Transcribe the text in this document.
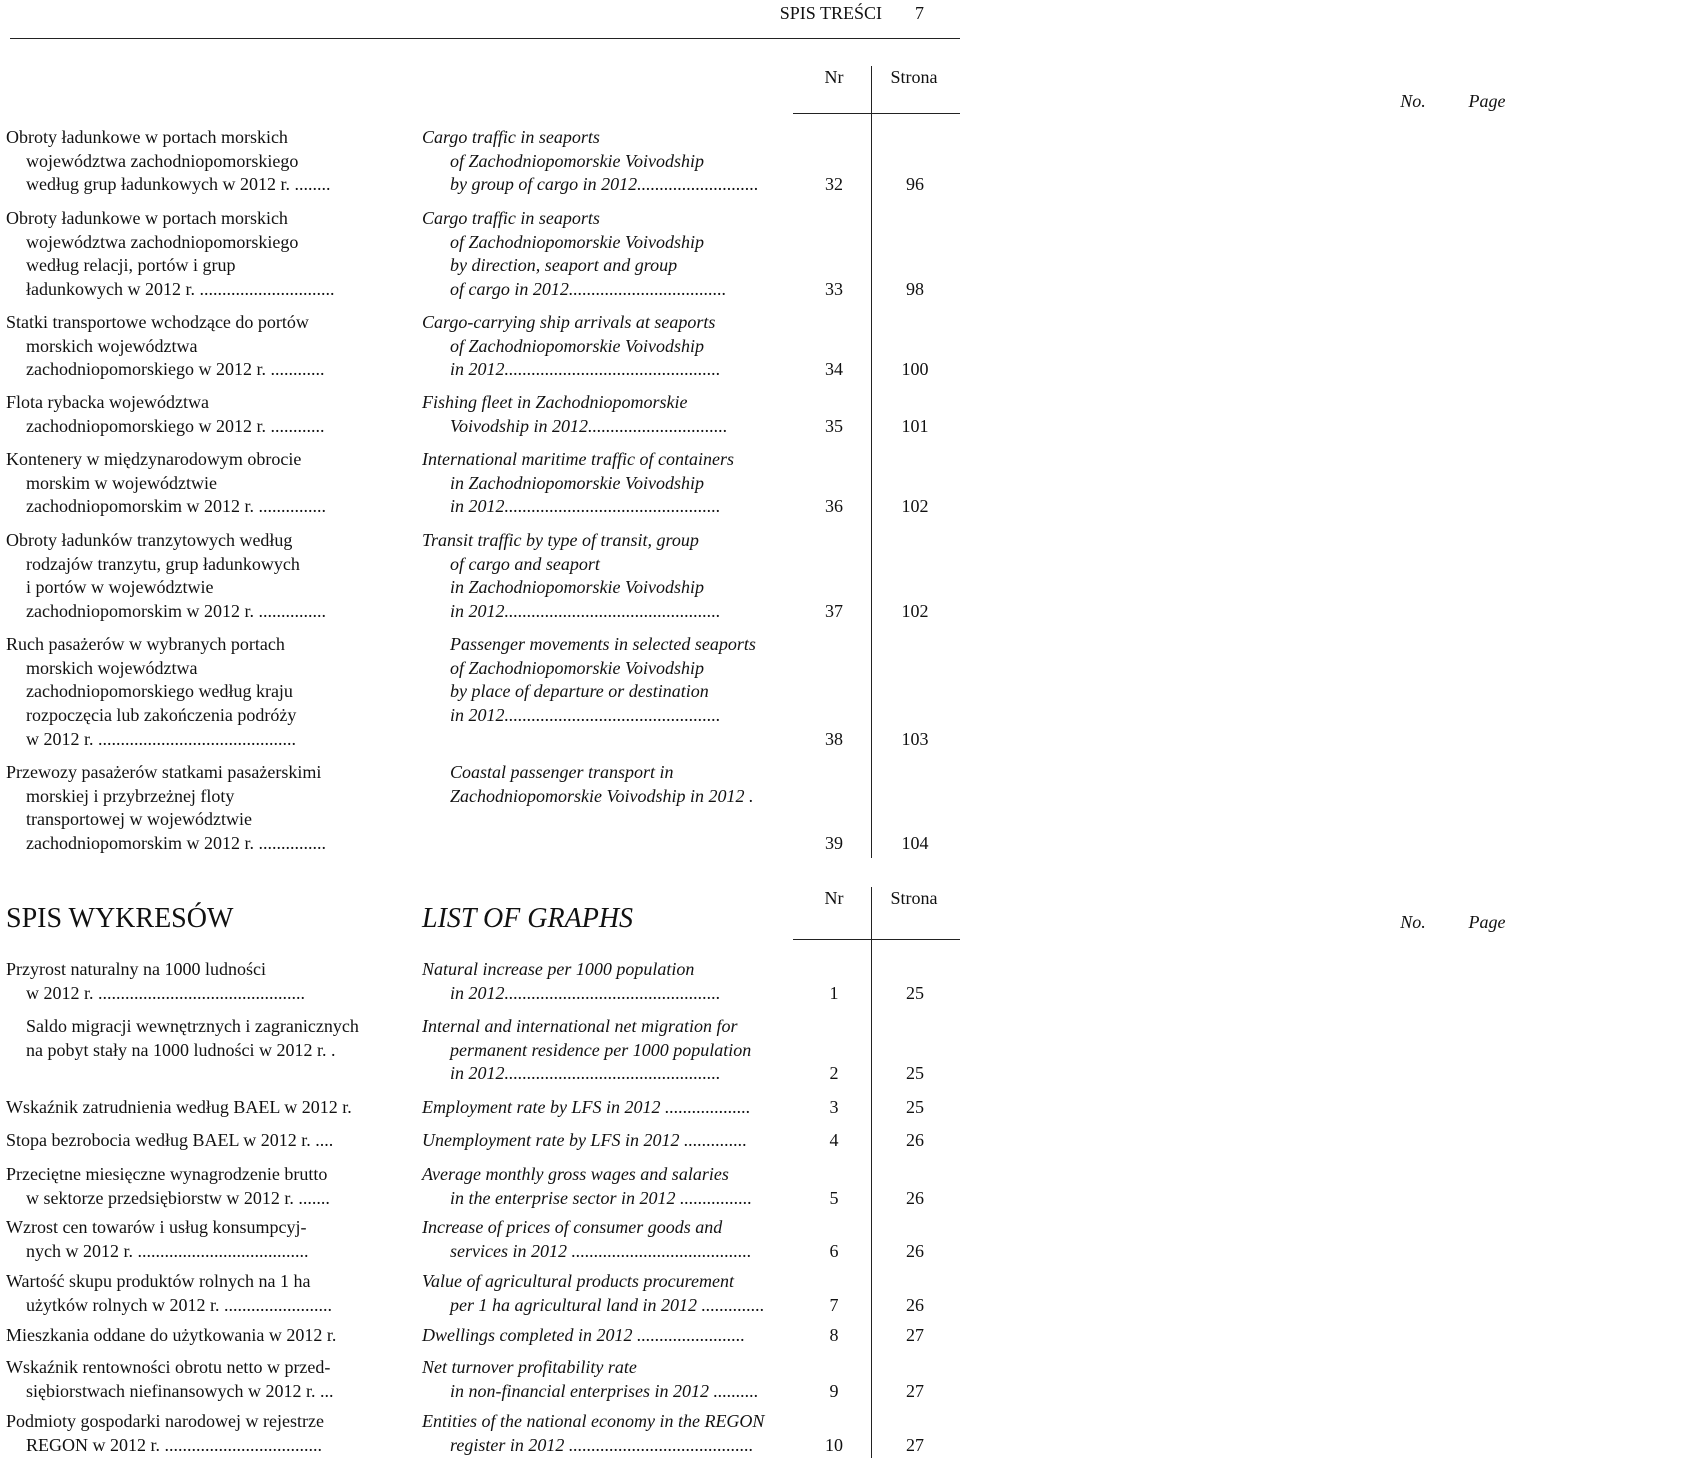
SPIS TREŚCI 7
Nr
No.
Strona
Page
Obroty ładunkowe w portach morskich
województwa zachodniopomorskiego
według grup ładunkowych w 2012 r. ........
Cargo traffic in seaports
of Zachodniopomorskie Voivodship
by group of cargo in 2012...........................	32	96
Obroty ładunkowe w portach morskich
województwa zachodniopomorskiego
według relacji, portów i grup
ładunkowych w 2012 r. ..............................
Cargo traffic in seaports
of Zachodniopomorskie Voivodship
by direction, seaport and group
of cargo in 2012...................................	33	98
Statki transportowe wchodzące do portów
morskich województwa
zachodniopomorskiego w 2012 r. ............
Cargo-carrying ship arrivals at seaports
of Zachodniopomorskie Voivodship
in 2012................................................	34	100
Flota rybacka województwa
zachodniopomorskiego w 2012 r. ............
Fishing fleet in Zachodniopomorskie
Voivodship in 2012...............................	35	101
Kontenery w międzynarodowym obrocie
morskim w województwie
zachodniopomorskim w 2012 r. ...............
International maritime traffic of containers
in Zachodniopomorskie Voivodship
in 2012................................................	36	102
Obroty ładunków tranzytowych według
rodzajów tranzytu, grup ładunkowych
i portów w województwie
zachodniopomorskim w 2012 r. ...............
Transit traffic by type of transit, group
of cargo and seaport
in Zachodniopomorskie Voivodship
in 2012................................................	37	102
Ruch pasażerów w wybranych portach
morskich województwa
zachodniopomorskiego według kraju
rozpoczęcia lub zakończenia podróży
w 2012 r. ............................................
Passenger movements in selected seaports
of Zachodniopomorskie Voivodship
by place of departure or destination
in 2012................................................
38	103
Przewozy pasażerów statkami pasażerskimi
morskiej i przybrzeżnej floty
transportowej w województwie
zachodniopomorskim w 2012 r. ...............
Coastal passenger transport in
Zachodniopomorskie Voivodship in 2012 .
39	104
SPIS WYKRESÓW	LIST OF GRAPHS
Nr
No.
Strona
Page
Przyrost naturalny na 1000 ludności
w 2012 r. ..............................................
Natural increase per 1000 population
in 2012................................................	1	25
Saldo migracji wewnętrznych i zagranicznych
na pobyt stały na 1000 ludności w 2012 r. .
Internal and international net migration for
permanent residence per 1000 population
in 2012................................................	2	25
Wskaźnik zatrudnienia według BAEL w 2012 r.	Employment rate by LFS in 2012 ...................	3	25
Stopa bezrobocia według BAEL w 2012 r. ....	Unemployment rate by LFS in 2012 ..............	4	26
Przeciętne miesięczne wynagrodzenie brutto
w sektorze przedsiębiorstw w 2012 r. .......
Average monthly gross wages and salaries
in the enterprise sector in 2012 ................	5	26
Wzrost cen towarów i usług konsumpcyj-
nych w 2012 r. ......................................
Increase of prices of consumer goods and
services in 2012 ........................................	6	26
Wartość skupu produktów rolnych na 1 ha
użytków rolnych w 2012 r. ........................
Value of agricultural products procurement
per 1 ha agricultural land in 2012 ..............	7	26
Mieszkania oddane do użytkowania w 2012 r.	Dwellings completed in 2012 ........................	8	27
Wskaźnik rentowności obrotu netto w przed-
siębiorstwach niefinansowych w 2012 r. ...
Net turnover profitability rate
in non-financial enterprises in 2012 ..........	9	27
Podmioty gospodarki narodowej w rejestrze
REGON w 2012 r. ...................................
Entities of the national economy in the REGON
register in 2012 .........................................	10	27
